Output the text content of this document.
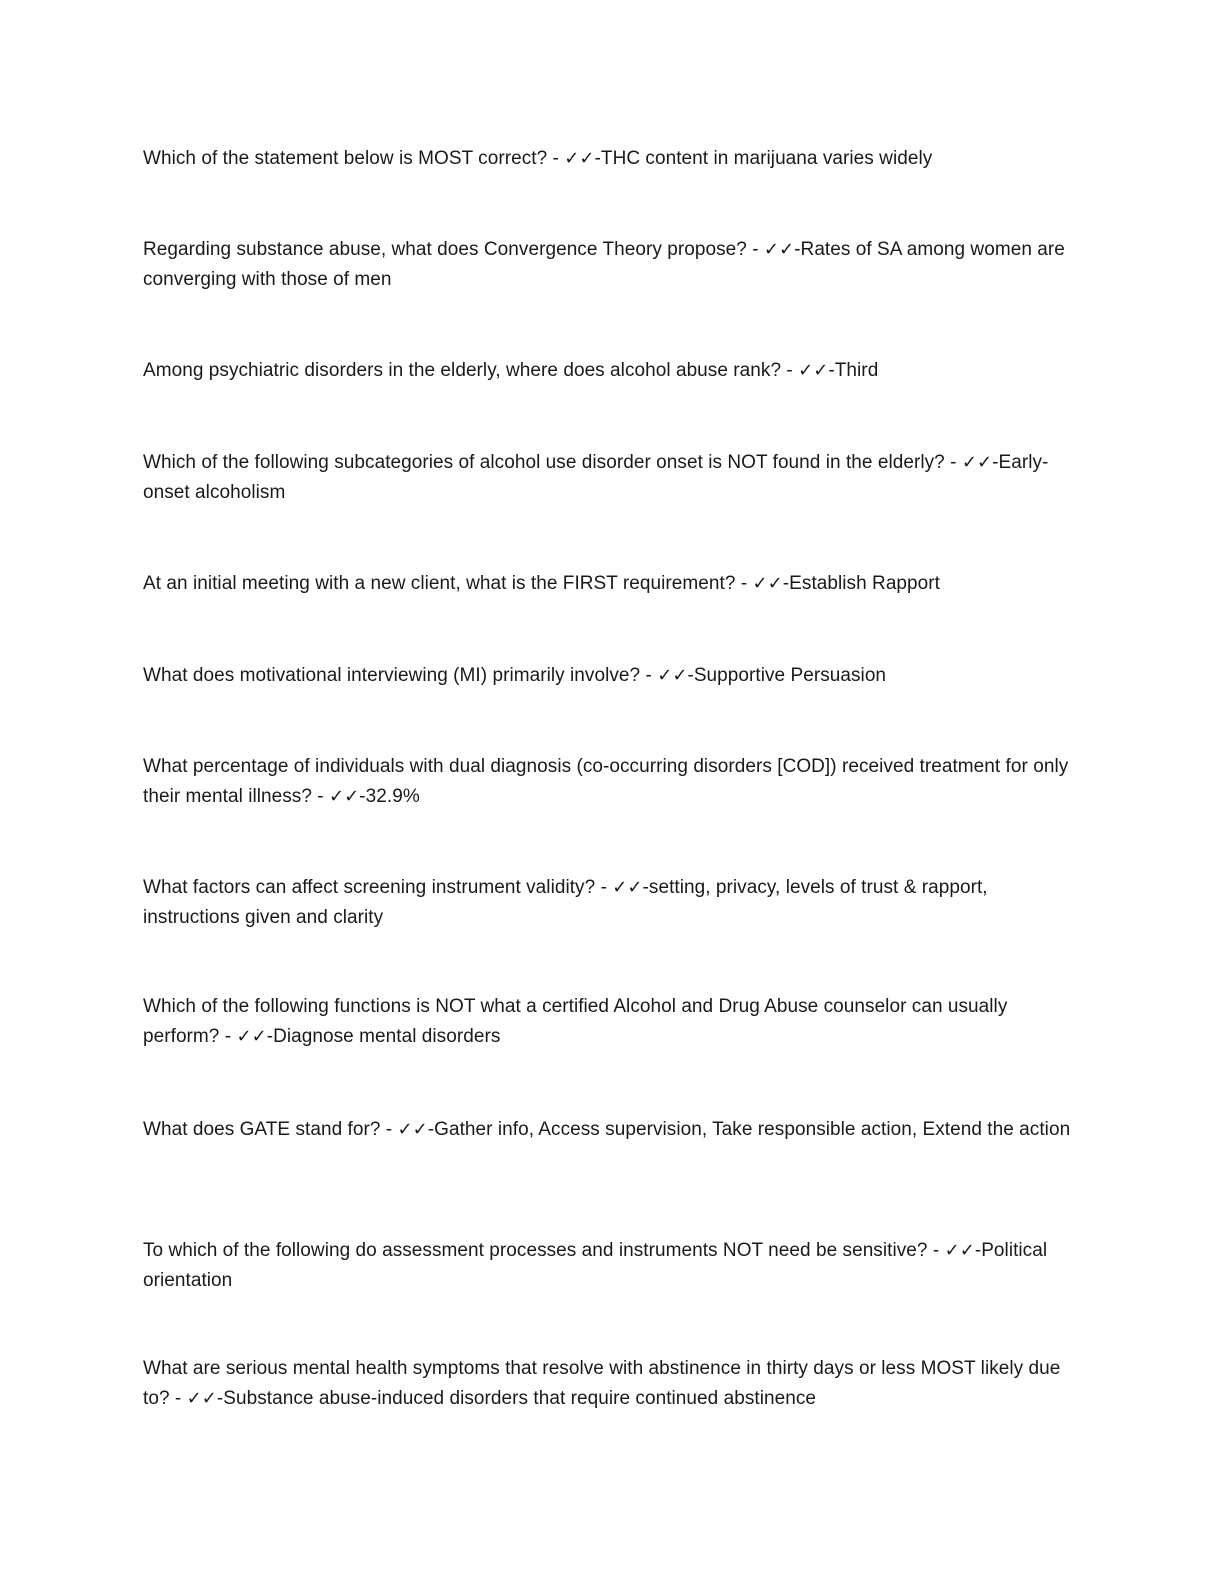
Which of the statement below is MOST correct? - ✓✓-THC content in marijuana varies widely

Regarding substance abuse, what does Convergence Theory propose? - ✓✓-Rates of SA among women are converging with those of men

Among psychiatric disorders in the elderly, where does alcohol abuse rank? - ✓✓-Third

Which of the following subcategories of alcohol use disorder onset is NOT found in the elderly? - ✓✓-Early-onset alcoholism

At an initial meeting with a new client, what is the FIRST requirement? - ✓✓-Establish Rapport

What does motivational interviewing (MI) primarily involve? - ✓✓-Supportive Persuasion

What percentage of individuals with dual diagnosis (co-occurring disorders [COD]) received treatment for only their mental illness? - ✓✓-32.9%

What factors can affect screening instrument validity? - ✓✓-setting, privacy, levels of trust & rapport, instructions given and clarity

Which of the following functions is NOT what a certified Alcohol and Drug Abuse counselor can usually perform? - ✓✓-Diagnose mental disorders

What does GATE stand for? - ✓✓-Gather info, Access supervision, Take responsible action, Extend the action

To which of the following do assessment processes and instruments NOT need be sensitive? - ✓✓-Political orientation

What are serious mental health symptoms that resolve with abstinence in thirty days or less MOST likely due to? - ✓✓-Substance abuse-induced disorders that require continued abstinence
